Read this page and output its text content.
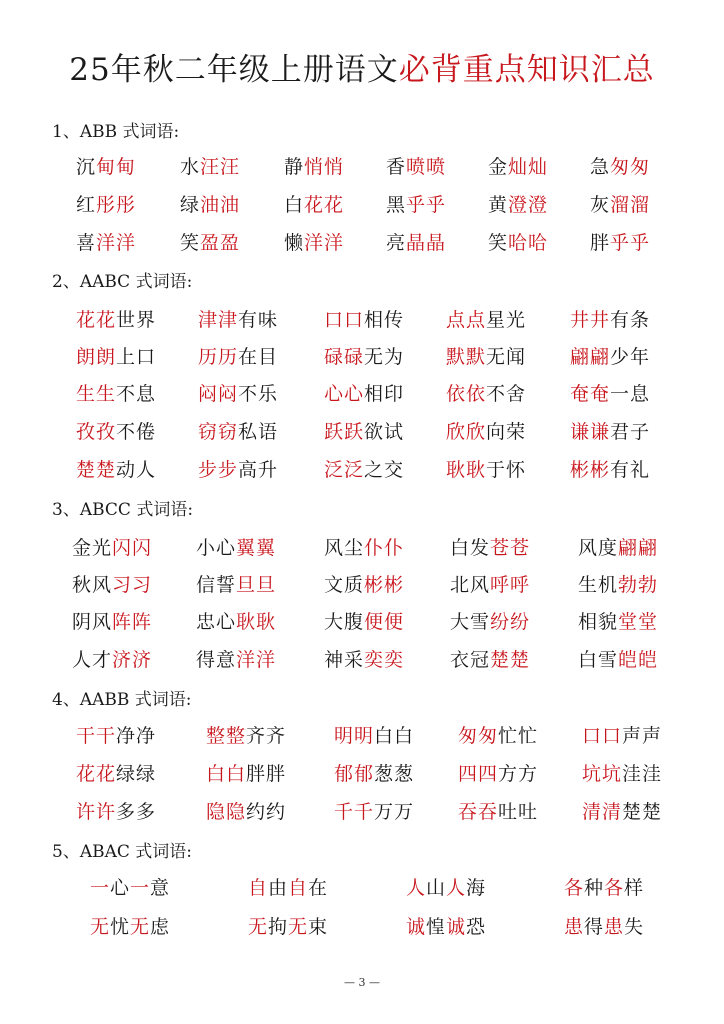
25年秋二年级上册语文必背重点知识汇总
1、ABB 式词语:
沉甸甸 水汪汪 静悄悄 香喷喷 金灿灿 急匆匆
红彤彤 绿油油 白花花 黑乎乎 黄澄澄 灰溜溜
喜洋洋 笑盈盈 懒洋洋 亮晶晶 笑哈哈 胖乎乎
2、AABC 式词语:
花花世界 津津有味 口口相传 点点星光 井井有条
朗朗上口 历历在目 碌碌无为 默默无闻 翩翩少年
生生不息 闷闷不乐 心心相印 依依不舍 奄奄一息
孜孜不倦 窃窃私语 跃跃欲试 欣欣向荣 谦谦君子
楚楚动人 步步高升 泛泛之交 耿耿于怀 彬彬有礼
3、ABCC 式词语:
金光闪闪 小心翼翼	风尘仆仆 白发苍苍	风度翩翩
秋风习习 信誓旦旦	文质彬彬 北风呼呼	生机勃勃
阴风阵阵 忠心耿耿	大腹便便 大雪纷纷	相貌堂堂
人才济济 得意洋洋	神采奕奕 衣冠楚楚	白雪皑皑
4、AABB 式词语:
干干净净	整整齐齐	明明白白 匆匆忙忙 口口声声
花花绿绿	白白胖胖	郁郁葱葱 四四方方 坑坑洼洼
许许多多	隐隐约约	千千万万 吞吞吐吐 清清楚楚
5、ABAC 式词语:
一心一意	自由自在	人山人海	各种各样
无忧无虑	无拘无束	诚惶诚恐	患得患失
— 3 —
